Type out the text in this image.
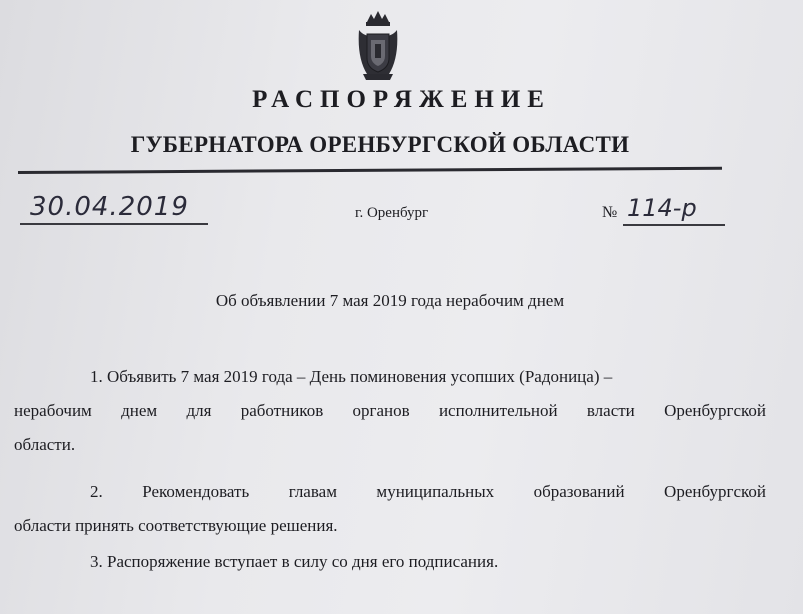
РАСПОРЯЖЕНИЕ
ГУБЕРНАТОРА ОРЕНБУРГСКОЙ ОБЛАСТИ
30.04.2019	г. Оренбург	№ 114-р
Об объявлении 7 мая 2019 года нерабочим днем
1. Объявить 7 мая 2019 года – День поминовения усопших (Радоница) –
нерабочим днем для работников органов исполнительной власти Оренбургской
области.
2. Рекомендовать главам муниципальных образований Оренбургской
области принять соответствующие решения.
3. Распоряжение вступает в силу со дня его подписания.
